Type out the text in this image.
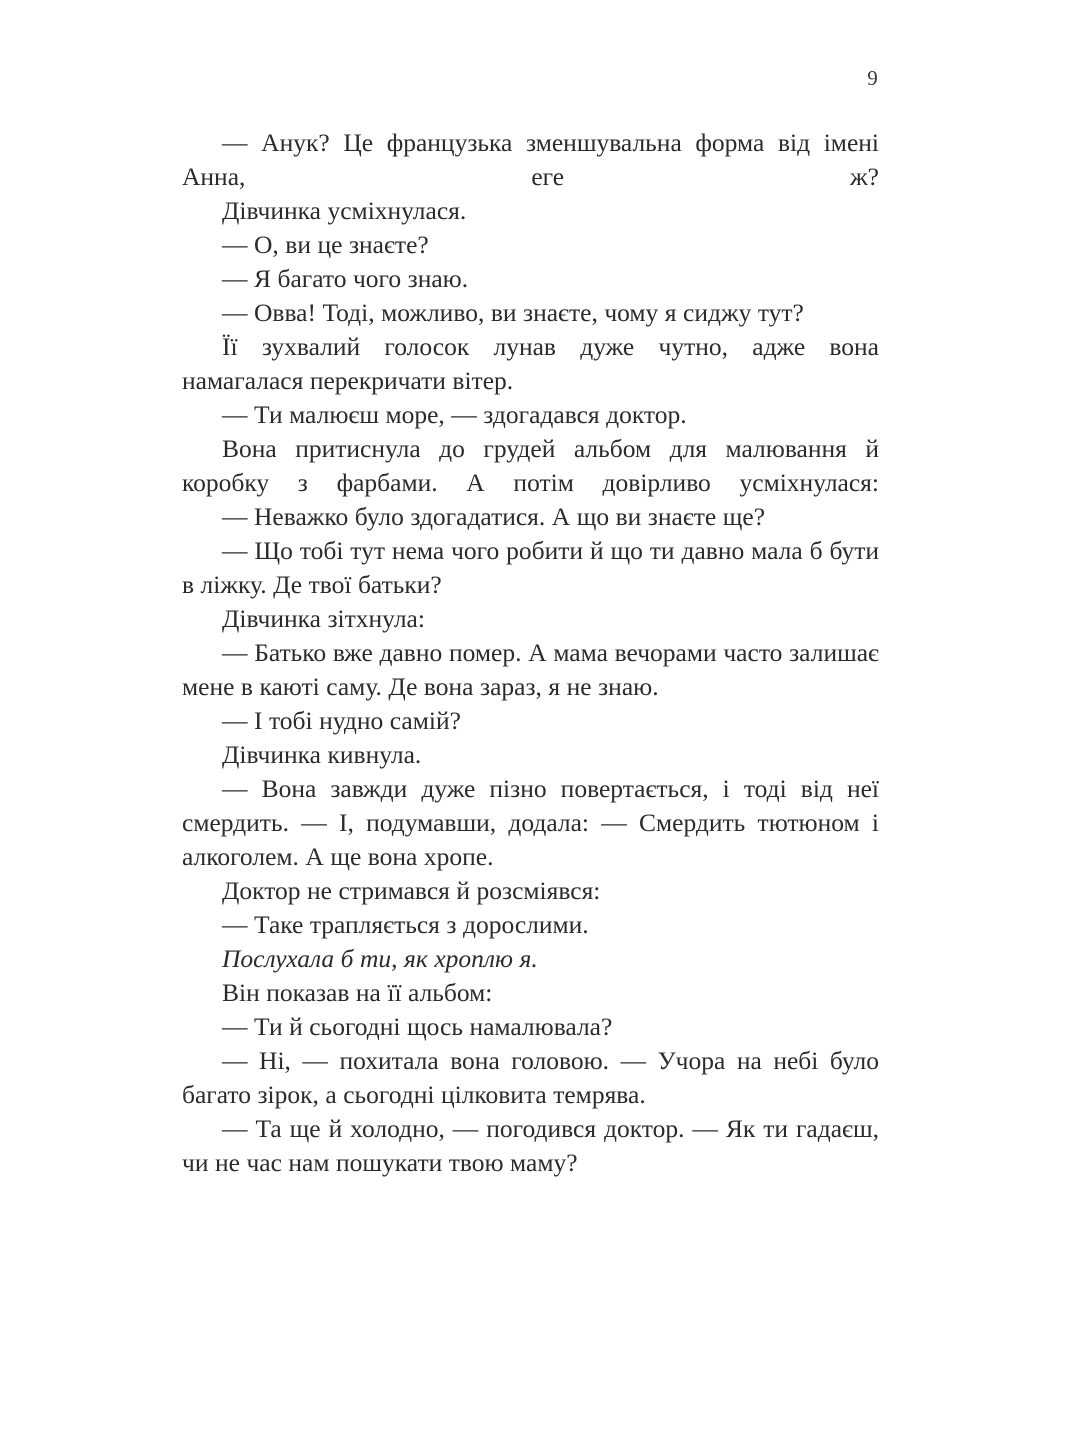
9

— Анук? Це французька зменшувальна форма від імені Анна, еге ж?

Дівчинка усміхнулася.

— О, ви це знаєте?

— Я багато чого знаю.

— Овва! Тоді, можливо, ви знаєте, чому я сиджу тут?

Її зухвалий голосок лунав дуже чутно, адже вона намагалася перекричати вітер.

— Ти малюєш море, — здогадався доктор.

Вона притиснула до грудей альбом для малювання й коробку з фарбами. А потім довірливо усміхнулася:

— Неважко було здогадатися. А що ви знаєте ще?

— Що тобі тут нема чого робити й що ти давно мала б бути в ліжку. Де твої батьки?

Дівчинка зітхнула:

— Батько вже давно помер. А мама вечорами часто залишає мене в каюті саму. Де вона зараз, я не знаю.

— І тобі нудно самій?

Дівчинка кивнула.

— Вона завжди дуже пізно повертається, і тоді від неї смердить. — І, подумавши, додала: — Смердить тютюном і алкоголем. А ще вона хропе.

Доктор не стримався й розсміявся:

— Таке трапляється з дорослими.

Послухала б ти, як хроплю я.

Він показав на її альбом:

— Ти й сьогодні щось намалювала?

— Ні, — похитала вона головою. — Учора на небі було багато зірок, а сьогодні цілковита темрява.

— Та ще й холодно, — погодився доктор. — Як ти гадаєш, чи не час нам пошукати твою маму?
